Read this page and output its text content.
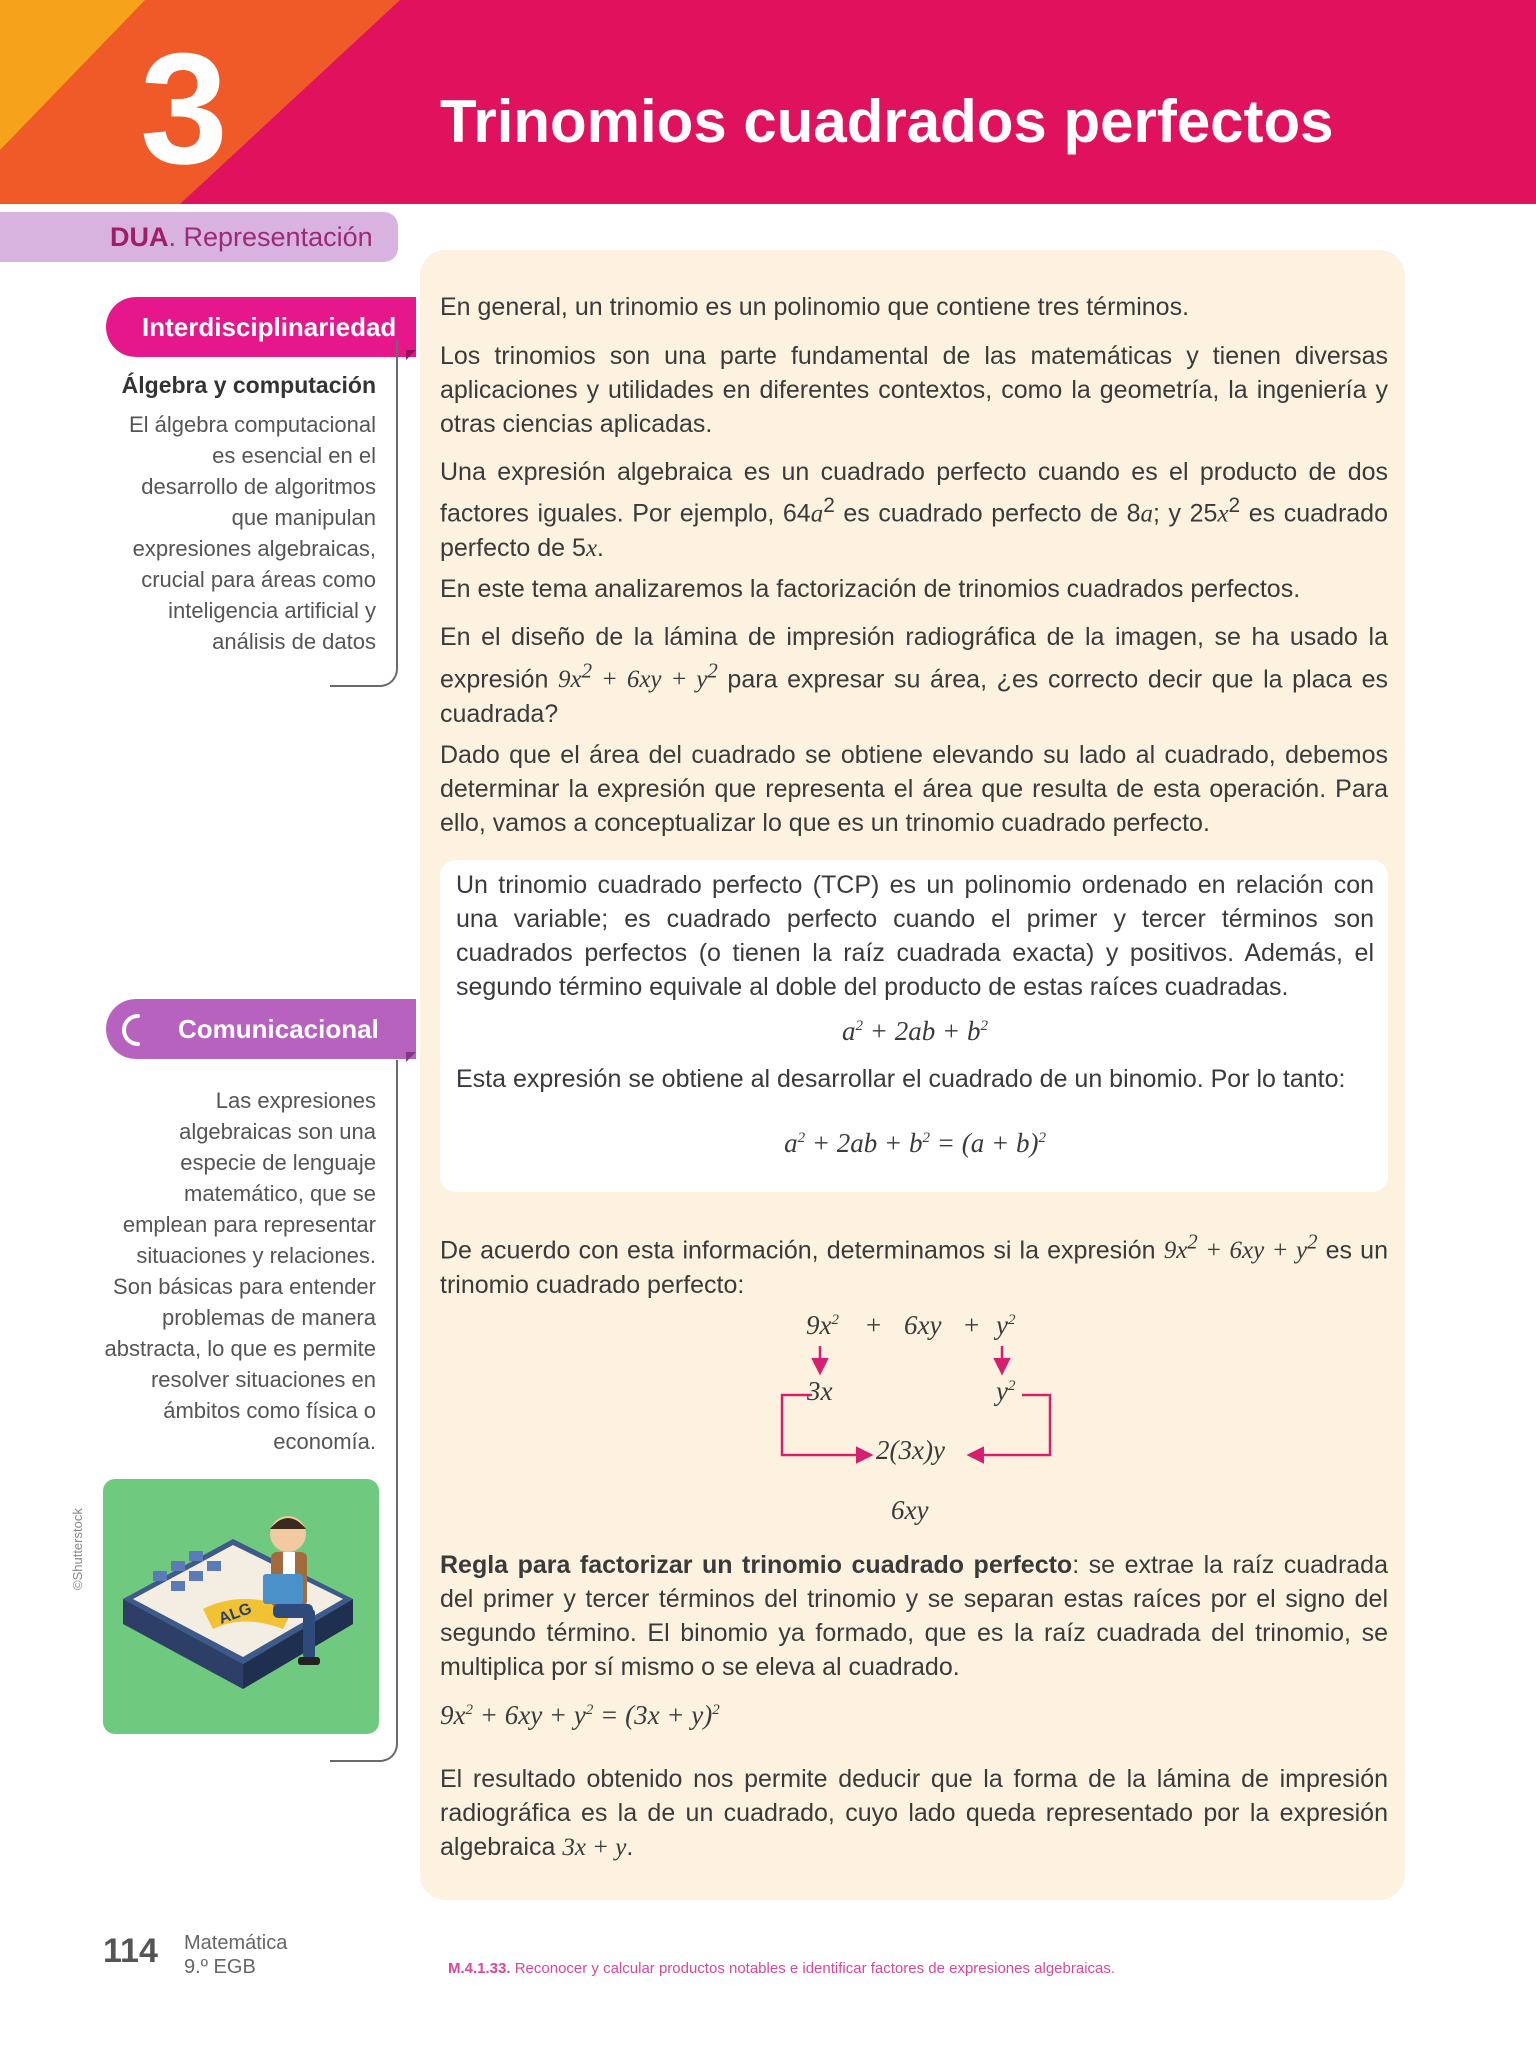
3	Trinomios cuadrados perfectos
DUA. Representación
Interdisciplinariedad
Álgebra y computación
El álgebra computacional es esencial en el desarrollo de algoritmos que manipulan expresiones algebraicas, crucial para áreas como inteligencia artificial y análisis de datos
Comunicacional
Las expresiones algebraicas son una especie de lenguaje matemático, que se emplean para representar situaciones y relaciones. Son básicas para entender problemas de manera abstracta, lo que es permite resolver situaciones en ámbitos como física o economía.
ALG
©Shutterstock
En general, un trinomio es un polinomio que contiene tres términos.
Los trinomios son una parte fundamental de las matemáticas y tienen diversas aplicaciones y utilidades en diferentes contextos, como la geometría, la ingeniería y otras ciencias aplicadas.
Una expresión algebraica es un cuadrado perfecto cuando es el producto de dos factores iguales. Por ejemplo, $64a^2$ es cuadrado perfecto de 8a; y $25x^2$ es cuadrado perfecto de 5x.
En este tema analizaremos la factorización de trinomios cuadrados perfectos.
En el diseño de la lámina de impresión radiográfica de la imagen, se ha usado la expresión $9x^2 + 6xy + y^2$ para expresar su área, ¿es correcto decir que la placa es cuadrada?
Dado que el área del cuadrado se obtiene elevando su lado al cuadrado, debemos determinar la expresión que representa el área que resulta de esta operación. Para ello, vamos a conceptualizar lo que es un trinomio cuadrado perfecto.
Un trinomio cuadrado perfecto (TCP) es un polinomio ordenado en relación con una variable; es cuadrado perfecto cuando el primer y tercer términos son cuadrados perfectos (o tienen la raíz cuadrada exacta) y positivos. Además, el segundo término equivale al doble del producto de estas raíces cuadradas.
$a^2 + 2ab + b^2$
Esta expresión se obtiene al desarrollar el cuadrado de un binomio. Por lo tanto:
$a^2 + 2ab + b^2 = (a + b)^2$
De acuerdo con esta información, determinamos si la expresión $9x^2 + 6xy + y^2$ es un trinomio cuadrado perfecto:
$9x^2 + 6xy + y^2$
3x	$y^2$
2(3x)y
6xy
Regla para factorizar un trinomio cuadrado perfecto: se extrae la raíz cuadrada del primer y tercer términos del trinomio y se separan estas raíces por el signo del segundo término. El binomio ya formado, que es la raíz cuadrada del trinomio, se multiplica por sí mismo o se eleva al cuadrado.
$9x^2 + 6xy + y^2 = (3x + y)^2$
El resultado obtenido nos permite deducir que la forma de la lámina de impresión radiográfica es la de un cuadrado, cuyo lado queda representado por la expresión algebraica 3x + y.
114 Matemática
9.º EGB	M.4.1.33. Reconocer y calcular productos notables e identificar factores de expresiones algebraicas.
